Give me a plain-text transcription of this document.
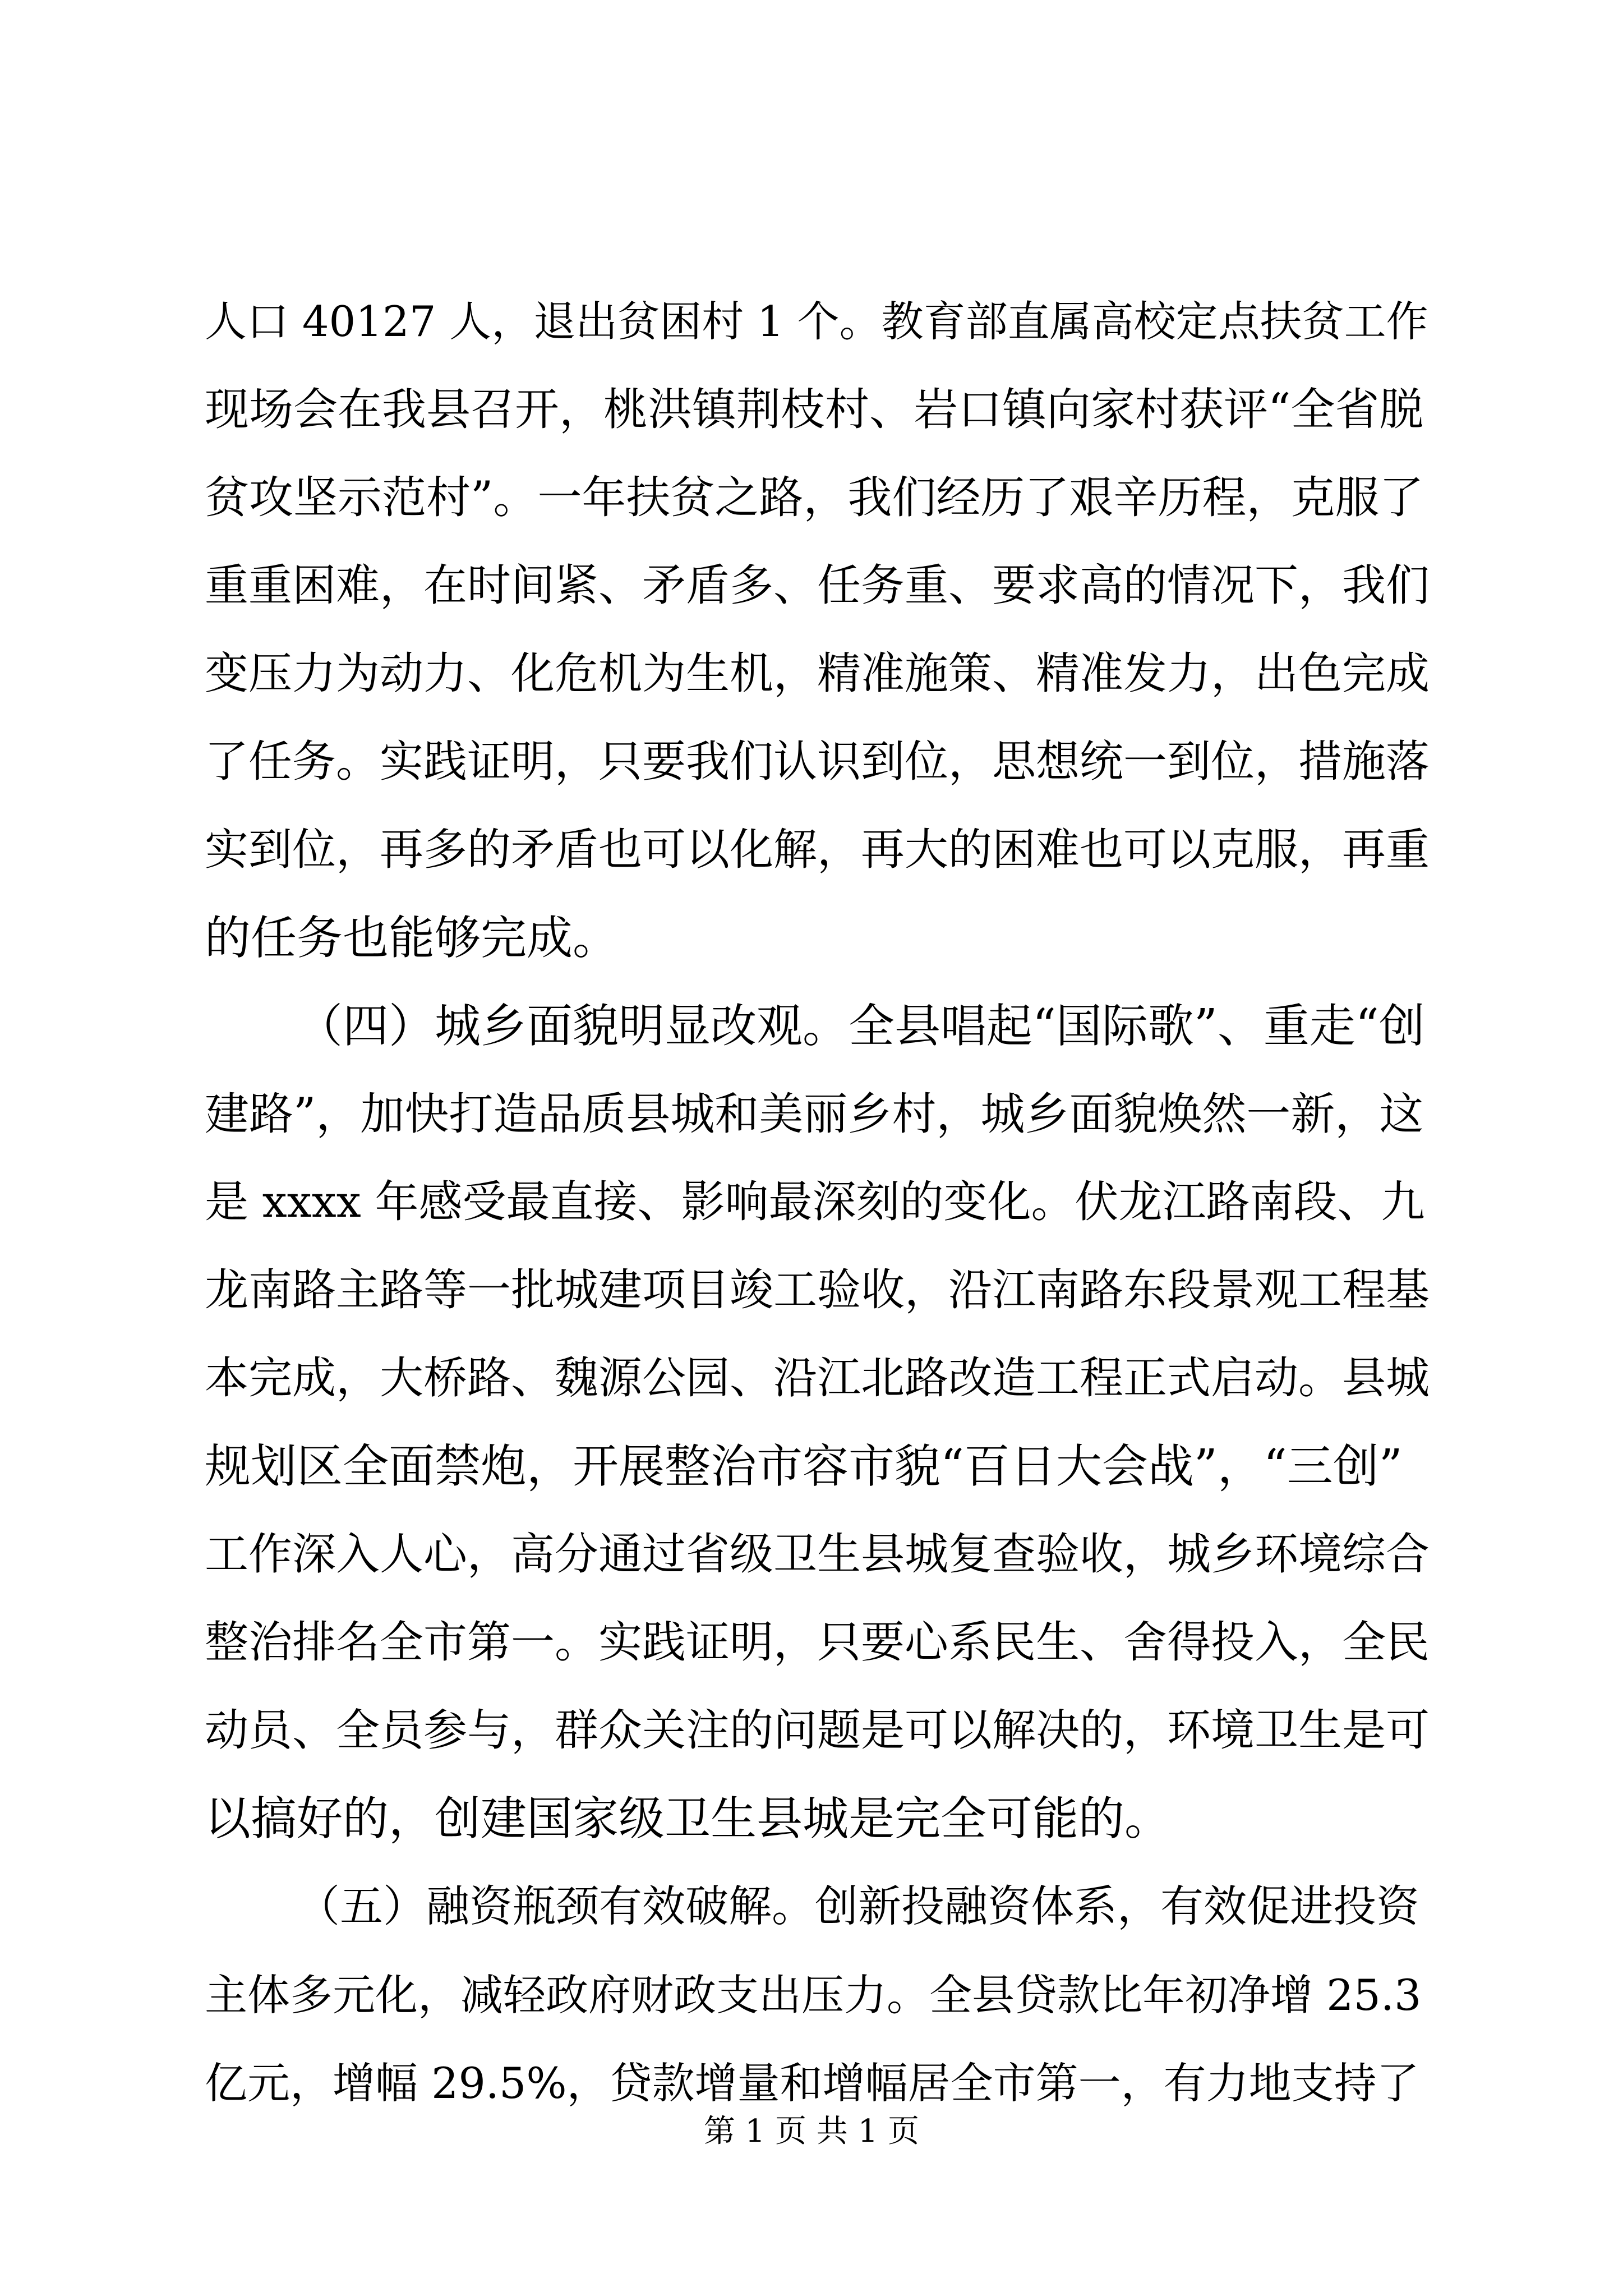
人口 40127 人，退出贫困村 1 个。教育部直属高校定点扶贫工作
现场会在我县召开，桃洪镇荆枝村、岩口镇向家村获评“全省脱
贫攻坚示范村”。一年扶贫之路，我们经历了艰辛历程，克服了
重重困难，在时间紧、矛盾多、任务重、要求高的情况下，我们
变压力为动力、化危机为生机，精准施策、精准发力，出色完成
了任务。实践证明，只要我们认识到位，思想统一到位，措施落
实到位，再多的矛盾也可以化解，再大的困难也可以克服，再重
的任务也能够完成。
（四）城乡面貌明显改观。全县唱起“国际歌”、重走“创
建路”，加快打造品质县城和美丽乡村，城乡面貌焕然一新，这
是 xxxx 年感受最直接、影响最深刻的变化。伏龙江路南段、九
龙南路主路等一批城建项目竣工验收，沿江南路东段景观工程基
本完成，大桥路、魏源公园、沿江北路改造工程正式启动。县城
规划区全面禁炮，开展整治市容市貌“百日大会战”，“三创”
工作深入人心，高分通过省级卫生县城复查验收，城乡环境综合
整治排名全市第一。实践证明，只要心系民生、舍得投入，全民
动员、全员参与，群众关注的问题是可以解决的，环境卫生是可
以搞好的，创建国家级卫生县城是完全可能的。
（五）融资瓶颈有效破解。创新投融资体系，有效促进投资
主体多元化，减轻政府财政支出压力。全县贷款比年初净增 25.3
亿元，增幅 29.5%，贷款增量和增幅居全市第一，有力地支持了
第 1 页 共 1 页
